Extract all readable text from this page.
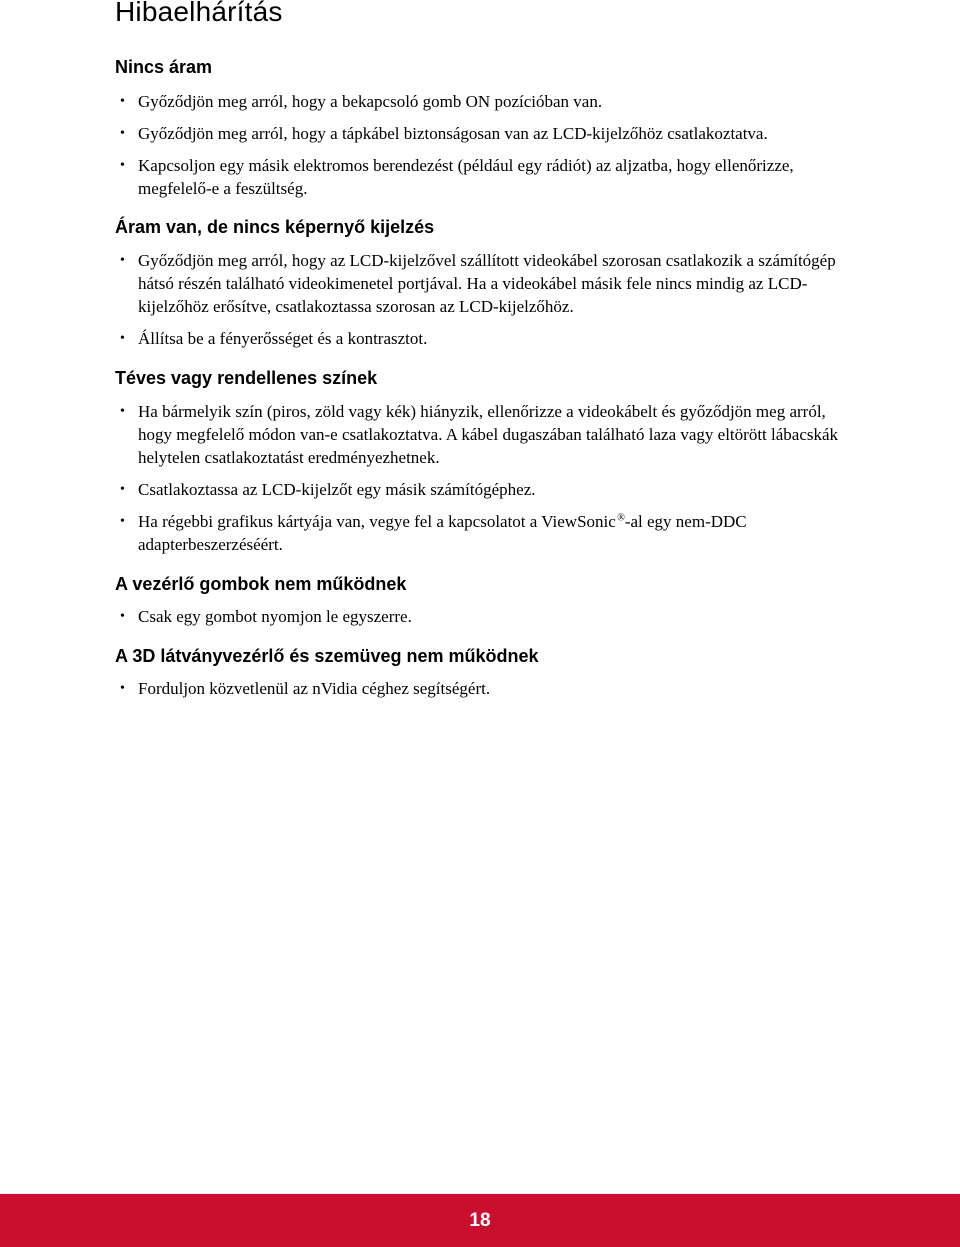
Hibaelhárítás
Nincs áram
• Győződjön meg arról, hogy a bekapcsoló gomb ON pozícióban van.
• Győződjön meg arról, hogy a tápkábel biztonságosan van az LCD-kijelzőhöz csatlakoztatva.
• Kapcsoljon egy másik elektromos berendezést (például egy rádiót) az aljzatba, hogy ellenőrizze, megfelelő-e a feszültség.
Áram van, de nincs képernyő kijelzés
• Győződjön meg arról, hogy az LCD-kijelzővel szállított videokábel szorosan csatlakozik a számítógép hátsó részén található videokimenetel portjával. Ha a videokábel másik fele nincs mindig az LCD-kijelzőhöz erősítve, csatlakoztassa szorosan az LCD-kijelzőhöz.
• Állítsa be a fényerősséget és a kontrasztot.
Téves vagy rendellenes színek
• Ha bármelyik szín (piros, zöld vagy kék) hiányzik, ellenőrizze a videokábelt és győződjön meg arról, hogy megfelelő módon van-e csatlakoztatva. A kábel dugaszában található laza vagy eltörött lábacskák helytelen csatlakoztatást eredményezhetnek.
• Csatlakoztassa az LCD-kijelzőt egy másik számítógéphez.
• Ha régebbi grafikus kártyája van, vegye fel a kapcsolatot a ViewSonic ®-al egy nem-DDC adapterbeszerzéséért.
A vezérlő gombok nem működnek
• Csak egy gombot nyomjon le egyszerre.
A 3D látványvezérlő és szemüveg nem működnek
• Forduljon közvetlenül az nVidia céghez segítségért.
18
